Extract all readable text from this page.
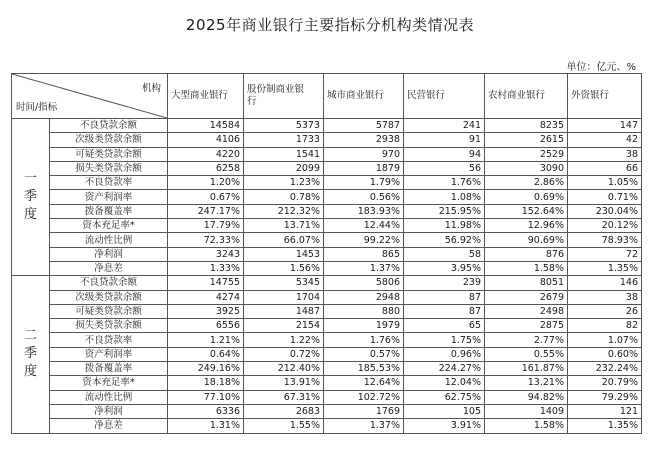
2025年商业银行主要指标分机构类情况表
单位：亿元、%
机构
时间/指标		大型商业银行	股份制商业银行	城市商业银行	民营银行	农村商业银行	外资银行

一季度	不良贷款余额	14584	5373	5787	241	8235	147
	次级类贷款余额	4106	1733	2938	91	2615	42
	可疑类贷款余额	4220	1541	970	94	2529	38
	损失类贷款余额	6258	2099	1879	56	3090	66
	不良贷款率	1.20%	1.23%	1.79%	1.76%	2.86%	1.05%
	资产利润率	0.67%	0.78%	0.56%	1.08%	0.69%	0.71%
	拨备覆盖率	247.17%	212.32%	183.93%	215.95%	152.64%	230.04%
	资本充足率*	17.79%	13.71%	12.44%	11.98%	12.96%	20.12%
	流动性比例	72.33%	66.07%	99.22%	56.92%	90.69%	78.93%
	净利润	3243	1453	865	58	876	72
	净息差	1.33%	1.56%	1.37%	3.95%	1.58%	1.35%

二季度	不良贷款余额	14755	5345	5806	239	8051	146
	次级类贷款余额	4274	1704	2948	87	2679	38
	可疑类贷款余额	3925	1487	880	87	2498	26
	损失类贷款余额	6556	2154	1979	65	2875	82
	不良贷款率	1.21%	1.22%	1.76%	1.75%	2.77%	1.07%
	资产利润率	0.64%	0.72%	0.57%	0.96%	0.55%	0.60%
	拨备覆盖率	249.16%	212.40%	185.53%	224.27%	161.87%	232.24%
	资本充足率*	18.18%	13.91%	12.64%	12.04%	13.21%	20.79%
	流动性比例	77.10%	67.31%	102.72%	62.75%	94.82%	79.29%
	净利润	6336	2683	1769	105	1409	121
	净息差	1.31%	1.55%	1.37%	3.91%	1.58%	1.35%
